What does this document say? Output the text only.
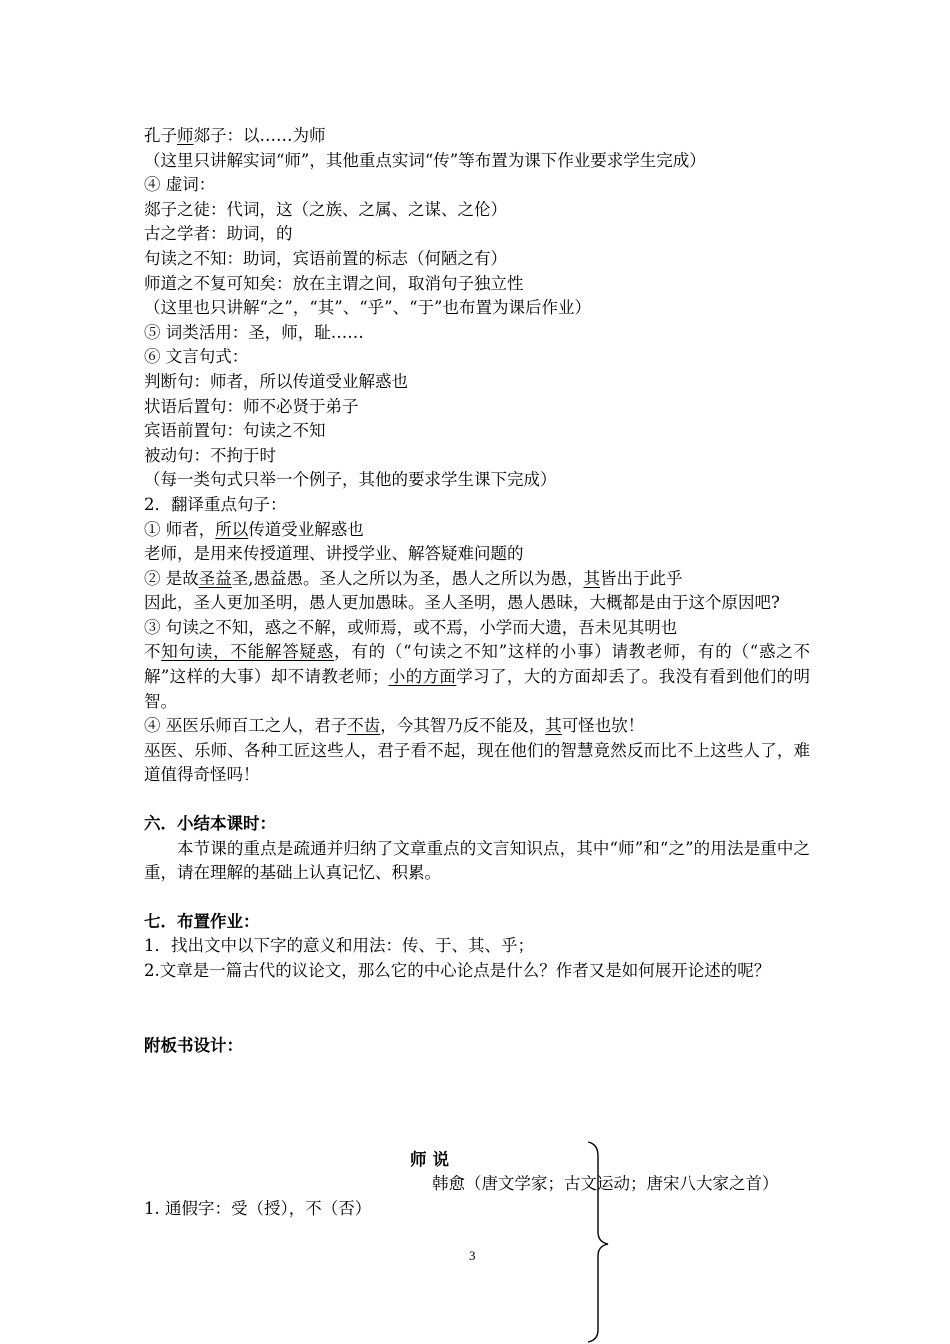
孔子师郯子：以……为师

（这里只讲解实词“师”，其他重点实词“传”等布置为课下作业要求学生完成）

④ 虚词：

郯子之徒：代词，这（之族、之属、之谋、之伦）

古之学者：助词，的

句读之不知：助词，宾语前置的标志（何陋之有）

师道之不复可知矣：放在主谓之间，取消句子独立性

（这里也只讲解“之”，“其”、“乎”、“于”也布置为课后作业）

⑤ 词类活用：圣，师，耻……

⑥ 文言句式：

判断句：师者，所以传道受业解惑也

状语后置句：师不必贤于弟子

宾语前置句：句读之不知

被动句：不拘于时

（每一类句式只举一个例子，其他的要求学生课下完成）

2．翻译重点句子：

① 师者，所以传道受业解惑也

老师，是用来传授道理、讲授学业、解答疑难问题的

② 是故圣益圣,愚益愚。圣人之所以为圣，愚人之所以为愚，其皆出于此乎

因此，圣人更加圣明，愚人更加愚昧。圣人圣明，愚人愚昧，大概都是由于这个原因吧?

③ 句读之不知，惑之不解，或师焉，或不焉，小学而大遗，吾未见其明也

不知句读，不能解答疑惑，有的（“句读之不知”这样的小事）请教老师，有的（“惑之不解”这样的大事）却不请教老师；小的方面学习了，大的方面却丢了。我没有看到他们的明智。

④ 巫医乐师百工之人，君子不齿，今其智乃反不能及，其可怪也欤！

巫医、乐师、各种工匠这些人，君子看不起，现在他们的智慧竟然反而比不上这些人了，难道值得奇怪吗！

六．小结本课时：

本节课的重点是疏通并归纳了文章重点的文言知识点，其中“师”和“之”的用法是重中之重，请在理解的基础上认真记忆、积累。

七．布置作业：

1．找出文中以下字的意义和用法：传、于、其、乎；

2.文章是一篇古代的议论文，那么它的中心论点是什么？作者又是如何展开论述的呢？

附板书设计：

师说
韩愈（唐文学家；古文运动；唐宋八大家之首）
1. 通假字：受（授），不（否）
3
